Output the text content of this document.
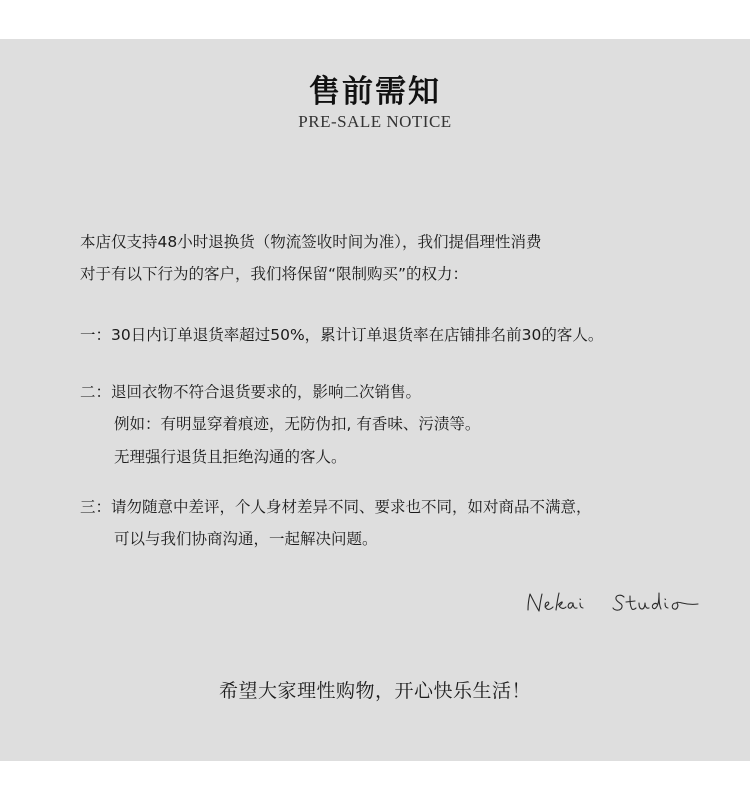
售前需知
PRE-SALE NOTICE
本店仅支持48小时退换货（物流签收时间为准），我们提倡理性消费
对于有以下行为的客户，我们将保留“限制购买”的权力：
一：30日内订单退货率超过50%，累计订单退货率在店铺排名前30的客人。
二：退回衣物不符合退货要求的，影响二次销售。
例如：有明显穿着痕迹，无防伪扣, 有香味、污渍等。
无理强行退货且拒绝沟通的客人。
三：请勿随意中差评，个人身材差异不同、要求也不同，如对商品不满意，
可以与我们协商沟通，一起解决问题。
希望大家理性购物，开心快乐生活！
